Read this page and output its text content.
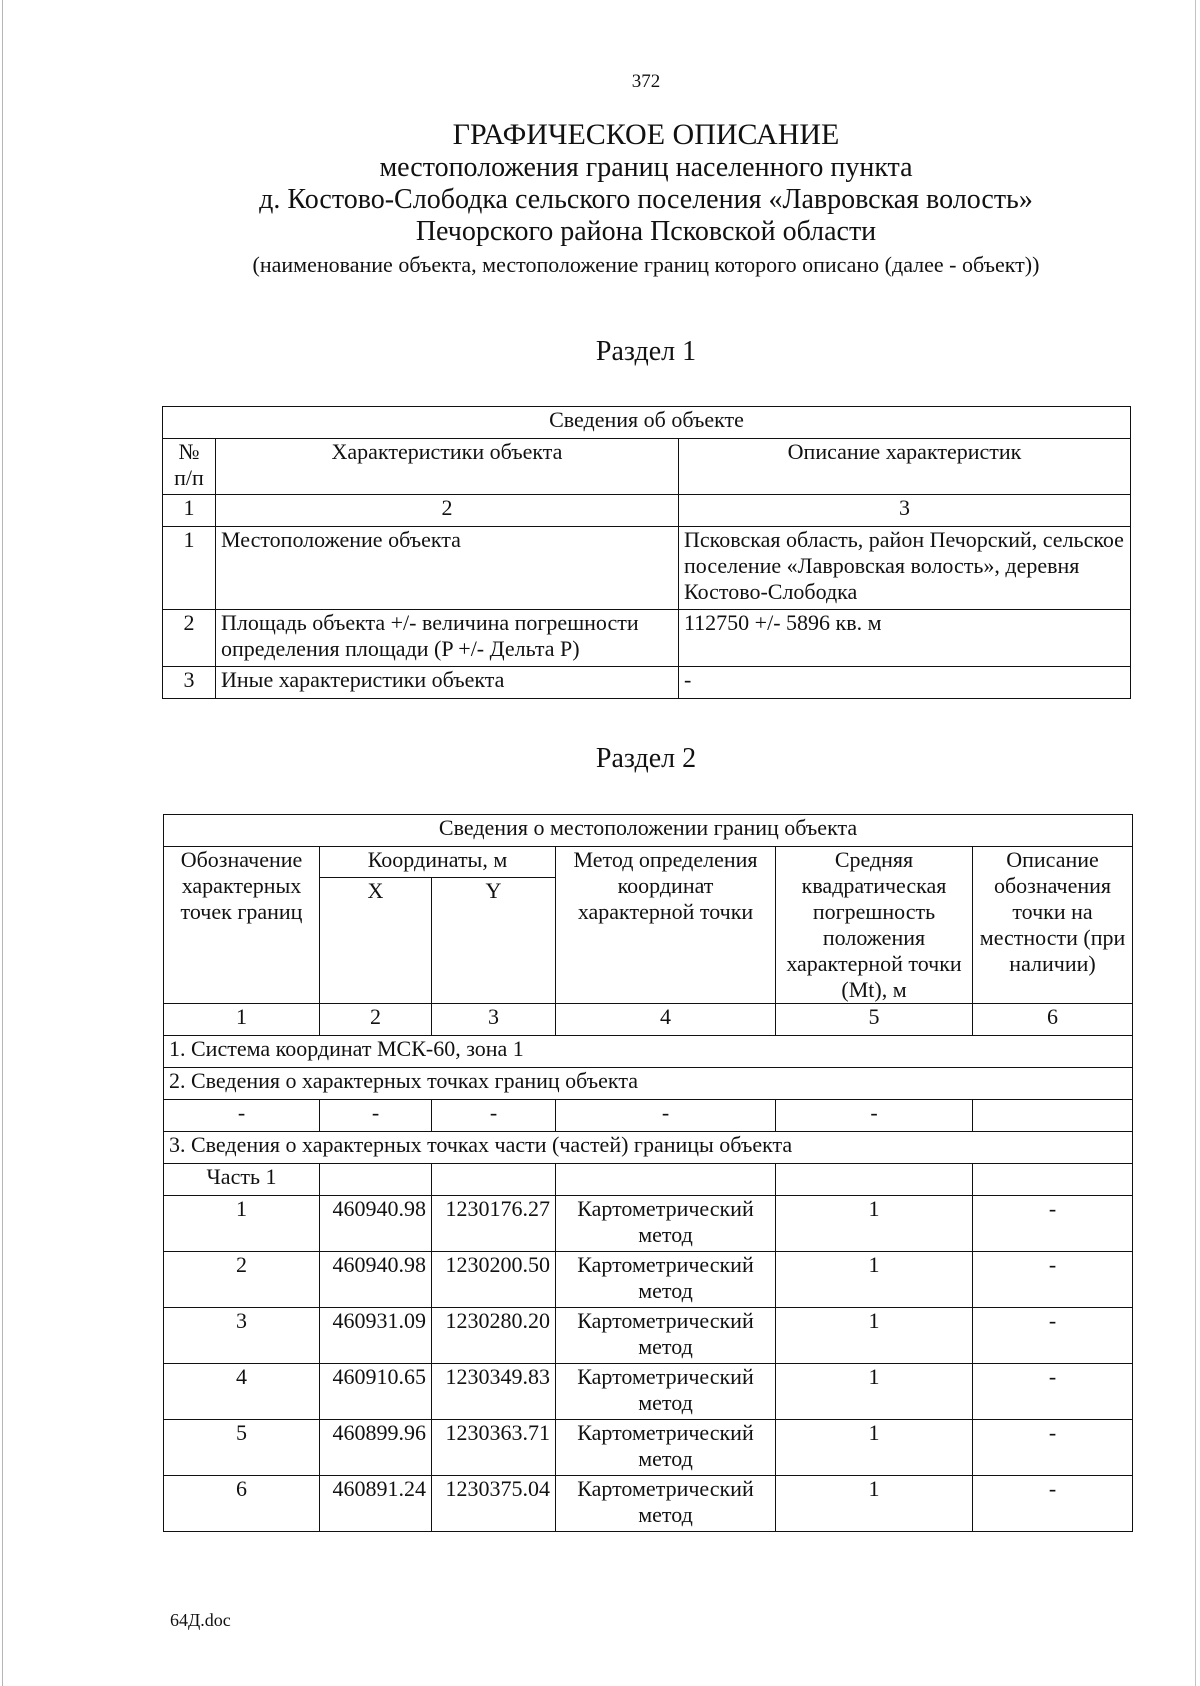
372
ГРАФИЧЕСКОЕ ОПИСАНИЕ
местоположения границ населенного пункта
д. Костово-Слободка сельского поселения «Лавровская волость»
Печорского района Псковской области
(наименование объекта, местоположение границ которого описано (далее - объект))
Раздел 1
Сведения об объекте		
№ п/п	Характеристики объекта	Описание характеристик
1	2	3
1	Местоположение объекта	Псковская область, район Печорский, сельское поселение «Лавровская волость», деревня Костово-Слободка
2	Площадь объекта +/- величина погрешности определения площади (P +/- Дельта P)	112750 +/- 5896 кв. м
3	Иные характеристики объекта	-
Раздел 2
Сведения о местоположении границ объекта					
Обозначение характерных точек границ	Координаты, м		Метод определения координат характерной точки	Средняя квадратическая погрешность положения характерной точки (Mt), м	Описание обозначения точки на местности (при наличии)
	X	Y			
1	2	3	4	5	6
1. Система координат МСК-60, зона 1					
2. Сведения о характерных точках границ объекта					
-	-	-	-	-	
3. Сведения о характерных точках части (частей) границы объекта					
Часть 1					
1	460940.98	1230176.27	Картометрический метод	1	-
2	460940.98	1230200.50	Картометрический метод	1	-
3	460931.09	1230280.20	Картометрический метод	1	-
4	460910.65	1230349.83	Картометрический метод	1	-
5	460899.96	1230363.71	Картометрический метод	1	-
6	460891.24	1230375.04	Картометрический метод	1	-
64Д.doc
